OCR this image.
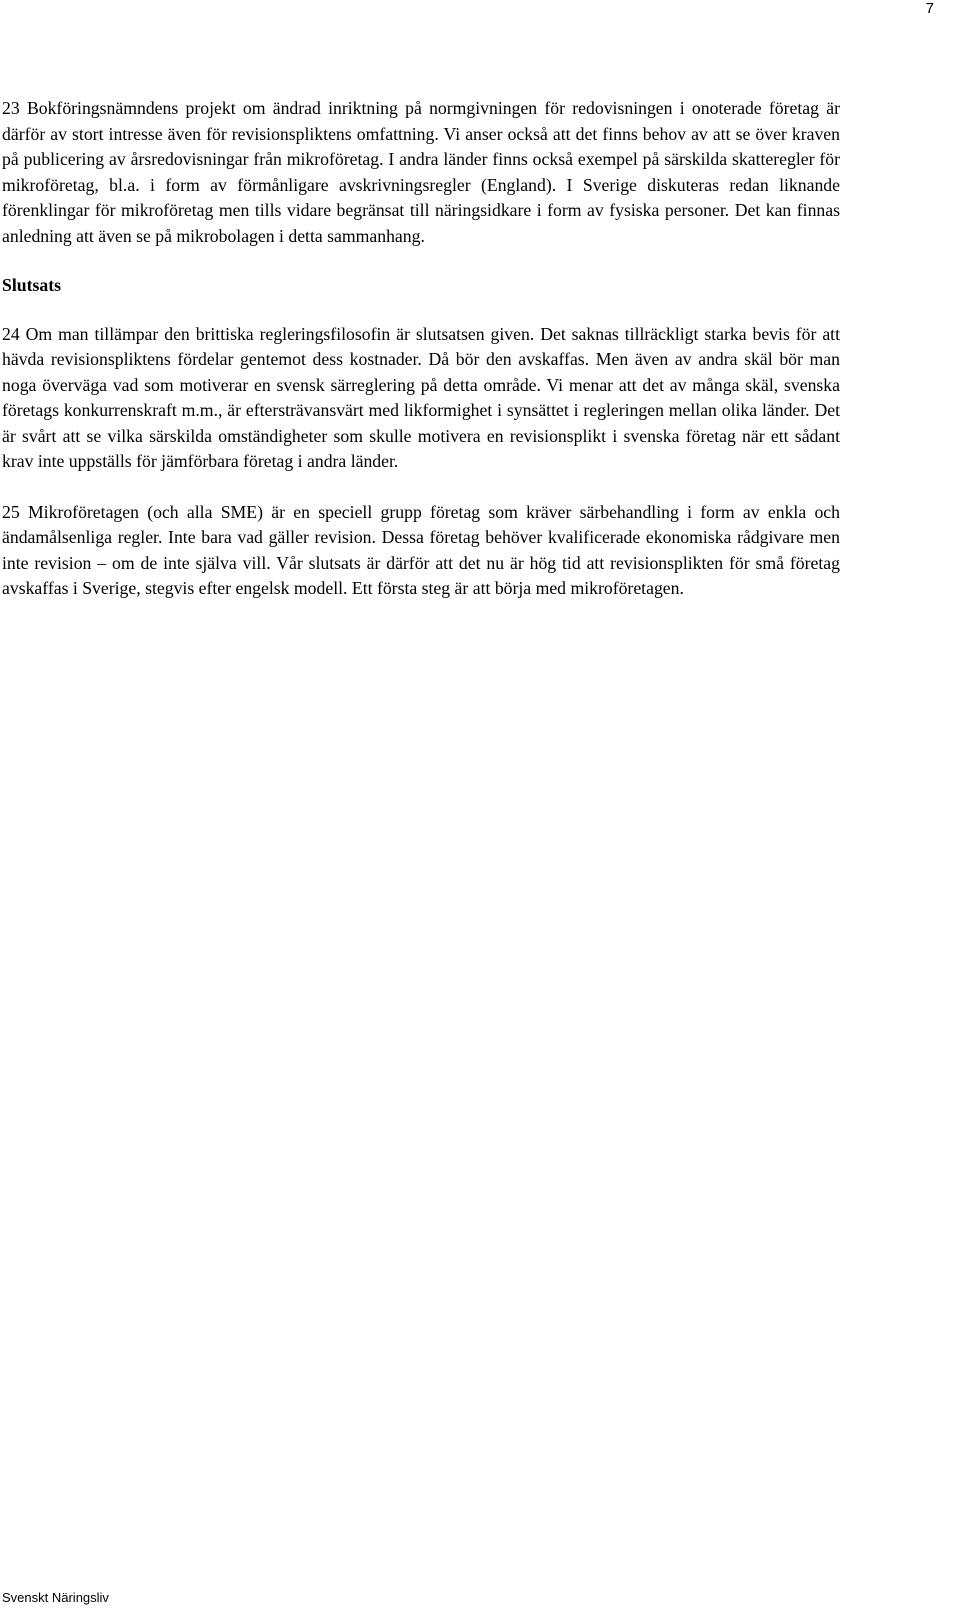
7

23 Bokföringsnämndens projekt om ändrad inriktning på normgivningen för redovisningen i onoterade företag är därför av stort intresse även för revisionspliktens omfattning. Vi anser också att det finns behov av att se över kraven på publicering av årsredovisningar från mikroföretag. I andra länder finns också exempel på särskilda skatteregler för mikroföretag, bl.a. i form av förmånligare avskrivningsregler (England). I Sverige diskuteras redan liknande förenklingar för mikroföretag men tills vidare begränsat till näringsidkare i form av fysiska personer. Det kan finnas anledning att även se på mikrobolagen i detta sammanhang.

Slutsats

24 Om man tillämpar den brittiska regleringsfilosofin är slutsatsen given. Det saknas tillräckligt starka bevis för att hävda revisionspliktens fördelar gentemot dess kostnader. Då bör den avskaffas. Men även av andra skäl bör man noga överväga vad som motiverar en svensk särreglering på detta område. Vi menar att det av många skäl, svenska företags konkurrenskraft m.m., är eftersträvansvärt med likformighet i synsättet i regleringen mellan olika länder. Det är svårt att se vilka särskilda omständigheter som skulle motivera en revisionsplikt i svenska företag när ett sådant krav inte uppställs för jämförbara företag i andra länder.

25 Mikroföretagen (och alla SME) är en speciell grupp företag som kräver särbehandling i form av enkla och ändamålsenliga regler. Inte bara vad gäller revision. Dessa företag behöver kvalificerade ekonomiska rådgivare men inte revision – om de inte själva vill. Vår slutsats är därför att det nu är hög tid att revisionsplikten för små företag avskaffas i Sverige, stegvis efter engelsk modell. Ett första steg är att börja med mikroföretagen.

Svenskt Näringsliv
